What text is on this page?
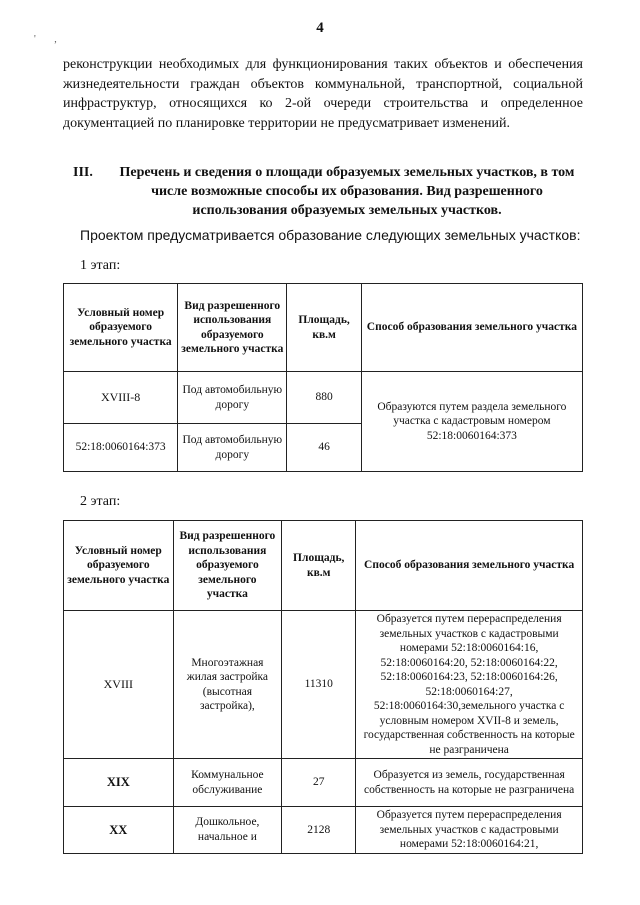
4
' ,

реконструкции необходимых для функционирования таких объектов и обеспечения жизнедеятельности граждан объектов коммунальной, транспортной, социальной инфраструктур, относящихся ко 2-ой очереди строительства и определенное документацией по планировке территории не предусматривает изменений.

III.	Перечень и сведения о площади образуемых земельных участков, в том числе возможные способы их образования. Вид разрешенного использования образуемых земельных участков.

Проектом предусматривается образование следующих земельных участков:

1 этап:

Условный номер образуемого земельного участка	Вид разрешенного использования образуемого земельного участка	Площадь, кв.м	Способ образования земельного участка
XVIII-8	Под автомобильную дорогу	880	Образуются путем раздела земельного участка с кадастровым номером 52:18:0060164:373
52:18:0060164:373	Под автомобильную дорогу	46	

2 этап:

Условный номер образуемого земельного участка	Вид разрешенного использования образуемого земельного участка	Площадь, кв.м	Способ образования земельного участка
XVIII	Многоэтажная жилая застройка (высотная застройка),	11310	Образуется путем перераспределения земельных участков с кадастровыми номерами 52:18:0060164:16, 52:18:0060164:20, 52:18:0060164:22, 52:18:0060164:23, 52:18:0060164:26, 52:18:0060164:27, 52:18:0060164:30,земельного участка с условным номером XVII-8 и земель, государственная собственность на которые не разграничена
XIX	Коммунальное обслуживание	27	Образуется из земель, государственная собственность на которые не разграничена
XX	Дошкольное, начальное и	2128	Образуется путем перераспределения земельных участков с кадастровыми номерами 52:18:0060164:21,
